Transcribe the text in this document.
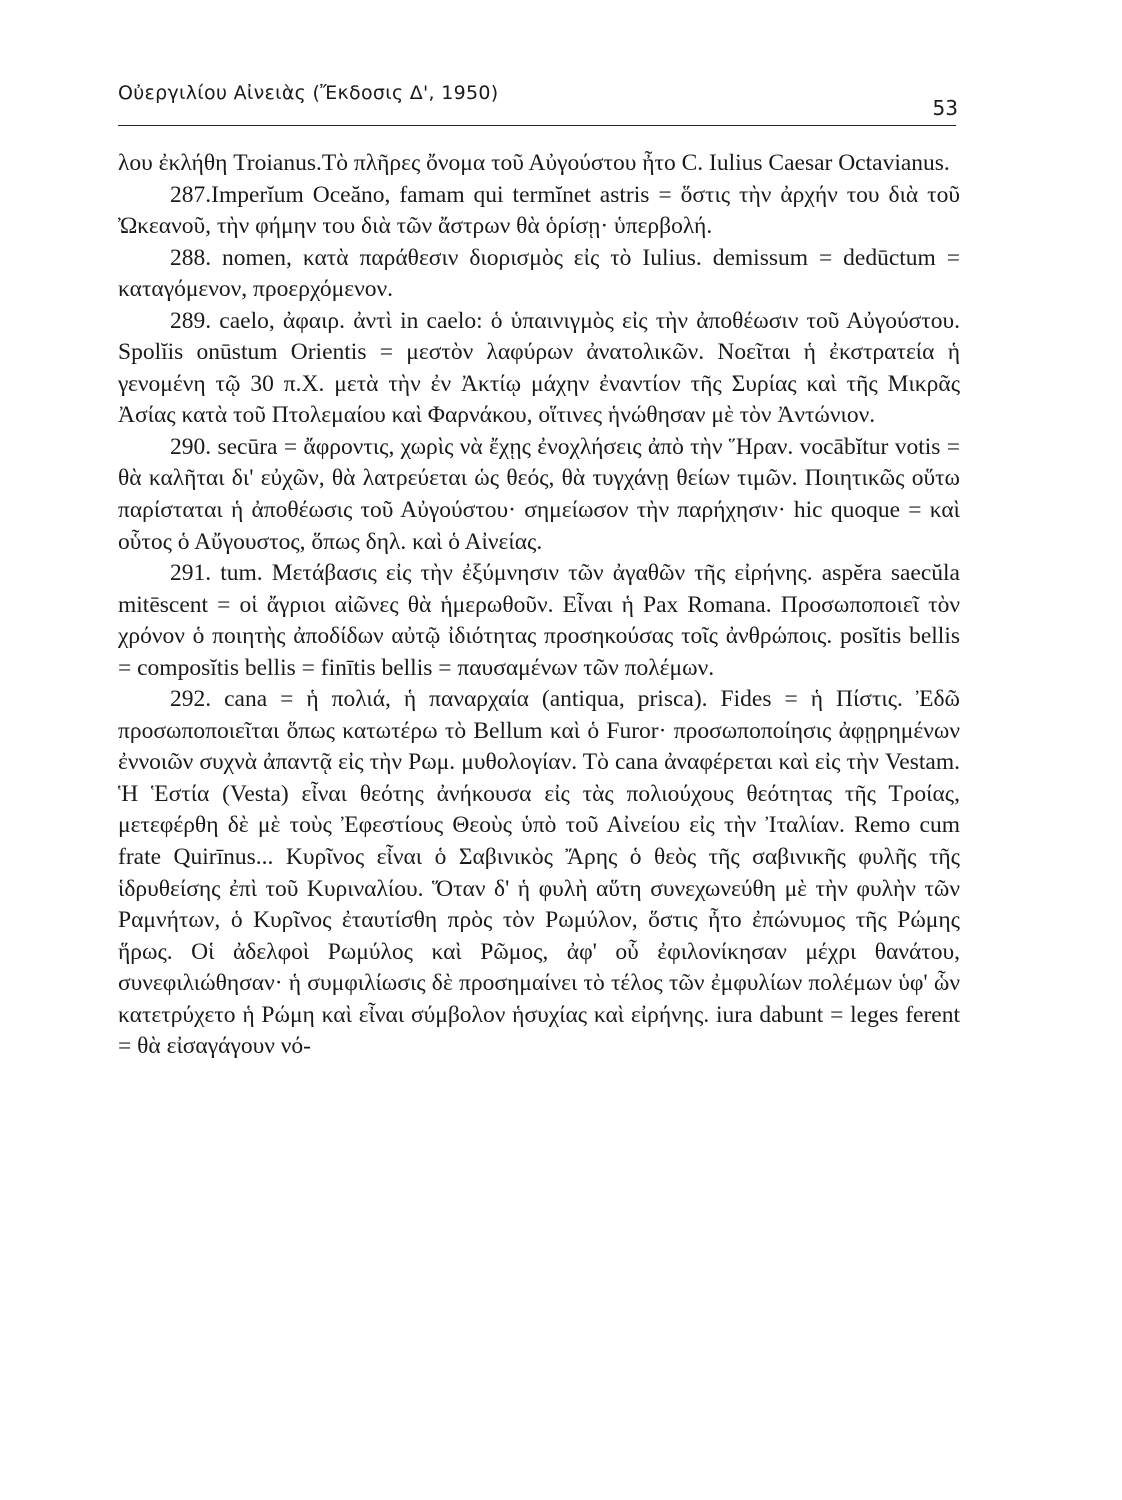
Οὐεργιλίου Αἰνειὰς (Ἔκδοσις Δ', 1950)
53

λου ἐκλήθη Troianus.Τὸ πλῆρες ὄνομα τοῦ Αὐγούστου ἦτο C. Iulius Caesar Octavianus.

287.Imperĭum Oceăno, famam qui termĭnet astris = ὅστις τὴν ἀρχήν του διὰ τοῦ Ὠκεανοῦ, τὴν φήμην του διὰ τῶν ἄστρων θὰ ὁρίσῃ· ὑπερβολή.

288. nomen, κατὰ παράθεσιν διορισμὸς εἰς τὸ Iulius. demissum = dedūctum = καταγόμενον, προερχόμενον.

289. caelo, ἀφαιρ. ἀντὶ in caelo: ὁ ὑπαινιγμὸς εἰς τὴν ἀποθέωσιν τοῦ Αὐγούστου. Spolĭis onūstum Orientis = μεστὸν λαφύρων ἀνατολικῶν. Νοεῖται ἡ ἐκστρατεία ἡ γενομένη τῷ 30 π.Χ. μετὰ τὴν ἐν Ἀκτίῳ μάχην ἐναντίον τῆς Συρίας καὶ τῆς Μικρᾶς Ἀσίας κατὰ τοῦ Πτολεμαίου καὶ Φαρνάκου, οἵτινες ἡνώθησαν μὲ τὸν Ἀντώνιον.

290. secūra = ἄφροντις, χωρὶς νὰ ἔχῃς ἐνοχλήσεις ἀπὸ τὴν Ἥραν. vocābĭtur votis = θὰ καλῆται δι' εὐχῶν, θὰ λατρεύεται ὡς θεός, θὰ τυγχάνῃ θείων τιμῶν. Ποιητικῶς οὕτω παρίσταται ἡ ἀποθέωσις τοῦ Αὐγούστου· σημείωσον τὴν παρήχησιν· hic quoque = καὶ οὗτος ὁ Αὔγουστος, ὅπως δηλ. καὶ ὁ Αἰνείας.

291. tum. Μετάβασις εἰς τὴν ἐξύμνησιν τῶν ἀγαθῶν τῆς εἰρήνης. aspĕra saecŭla mitēscent = οἱ ἄγριοι αἰῶνες θὰ ἡμερωθοῦν. Εἶναι ἡ Pax Romana. Προσωποποιεῖ τὸν χρόνον ὁ ποιητὴς ἀποδίδων αὐτῷ ἰδιότητας προσηκούσας τοῖς ἀνθρώποις. posĭtis bellis = composĭtis bellis = finītis bellis = παυσαμένων τῶν πολέμων.

292. cana = ἡ πολιά, ἡ παναρχαία (antiqua, prisca). Fides = ἡ Πίστις. Ἐδῶ προσωποποιεῖται ὅπως κατωτέρω τὸ Bellum καὶ ὁ Furor· προσωποποίησις ἀφῃρημένων ἐννοιῶν συχνὰ ἀπαντᾷ εἰς τὴν Ρωμ. μυθολογίαν. Τὸ cana ἀναφέρεται καὶ εἰς τὴν Vestam. Ἡ Ἑστία (Vesta) εἶναι θεότης ἀνήκουσα εἰς τὰς πολιούχους θεότητας τῆς Τροίας, μετεφέρθη δὲ μὲ τοὺς Ἐφεστίους Θεοὺς ὑπὸ τοῦ Αἰνείου εἰς τὴν Ἰταλίαν. Remo cum frate Quirīnus... Κυρῖνος εἶναι ὁ Σαβινικὸς Ἄρης ὁ θεὸς τῆς σαβινικῆς φυλῆς τῆς ἱδρυθείσης ἐπὶ τοῦ Κυριναλίου. Ὅταν δ' ἡ φυλὴ αὕτη συνεχωνεύθη μὲ τὴν φυλὴν τῶν Ραμνήτων, ὁ Κυρῖνος ἐταυτίσθη πρὸς τὸν Ρωμύλον, ὅστις ἦτο ἐπώνυμος τῆς Ρώμης ἥρως. Οἱ ἀδελφοὶ Ρωμύλος καὶ Ρῶμος, ἀφ' οὗ ἐφιλονίκησαν μέχρι θανάτου, συνεφιλιώθησαν· ἡ συμφιλίωσις δὲ προσημαίνει τὸ τέλος τῶν ἐμφυλίων πολέμων ὑφ' ὧν κατετρύχετο ἡ Ρώμη καὶ εἶναι σύμβολον ἡσυχίας καὶ εἰρήνης. iura dabunt = leges ferent = θὰ εἰσαγάγουν νό-
